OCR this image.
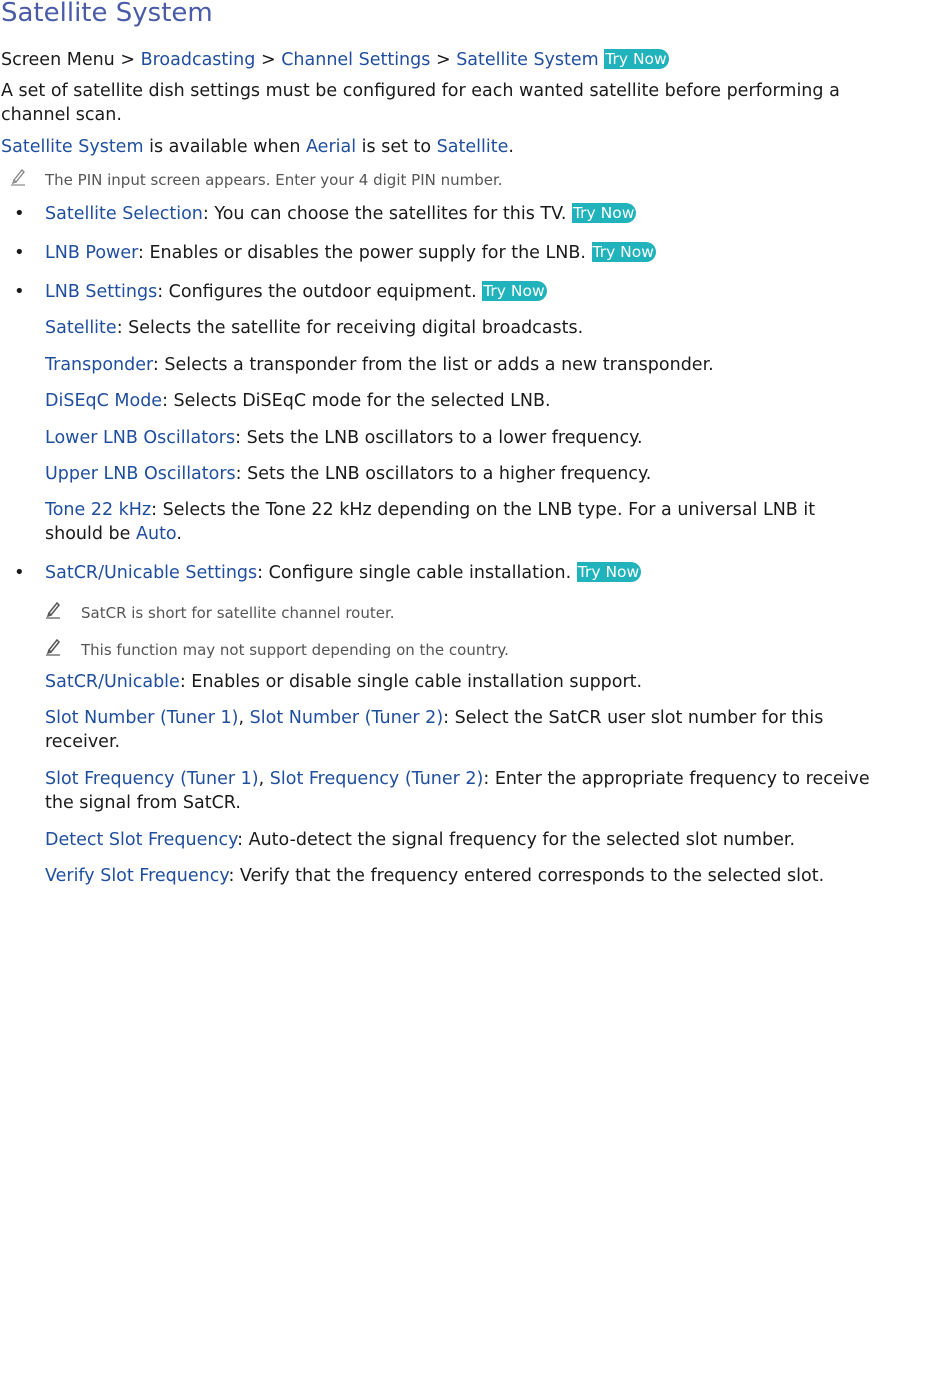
Satellite System
Screen Menu > Broadcasting > Channel Settings > Satellite System Try Now
A set of satellite dish settings must be configured for each wanted satellite before performing a channel scan.
Satellite System is available when Aerial is set to Satellite.
The PIN input screen appears. Enter your 4 digit PIN number.
• Satellite Selection: You can choose the satellites for this TV. Try Now
• LNB Power: Enables or disables the power supply for the LNB. Try Now
• LNB Settings: Configures the outdoor equipment. Try Now
Satellite: Selects the satellite for receiving digital broadcasts.
Transponder: Selects a transponder from the list or adds a new transponder.
DiSEqC Mode: Selects DiSEqC mode for the selected LNB.
Lower LNB Oscillators: Sets the LNB oscillators to a lower frequency.
Upper LNB Oscillators: Sets the LNB oscillators to a higher frequency.
Tone 22 kHz: Selects the Tone 22 kHz depending on the LNB type. For a universal LNB it should be Auto.
• SatCR/Unicable Settings: Configure single cable installation. Try Now
SatCR is short for satellite channel router.
This function may not support depending on the country.
SatCR/Unicable: Enables or disable single cable installation support.
Slot Number (Tuner 1), Slot Number (Tuner 2): Select the SatCR user slot number for this receiver.
Slot Frequency (Tuner 1), Slot Frequency (Tuner 2): Enter the appropriate frequency to receive the signal from SatCR.
Detect Slot Frequency: Auto-detect the signal frequency for the selected slot number.
Verify Slot Frequency: Verify that the frequency entered corresponds to the selected slot.
